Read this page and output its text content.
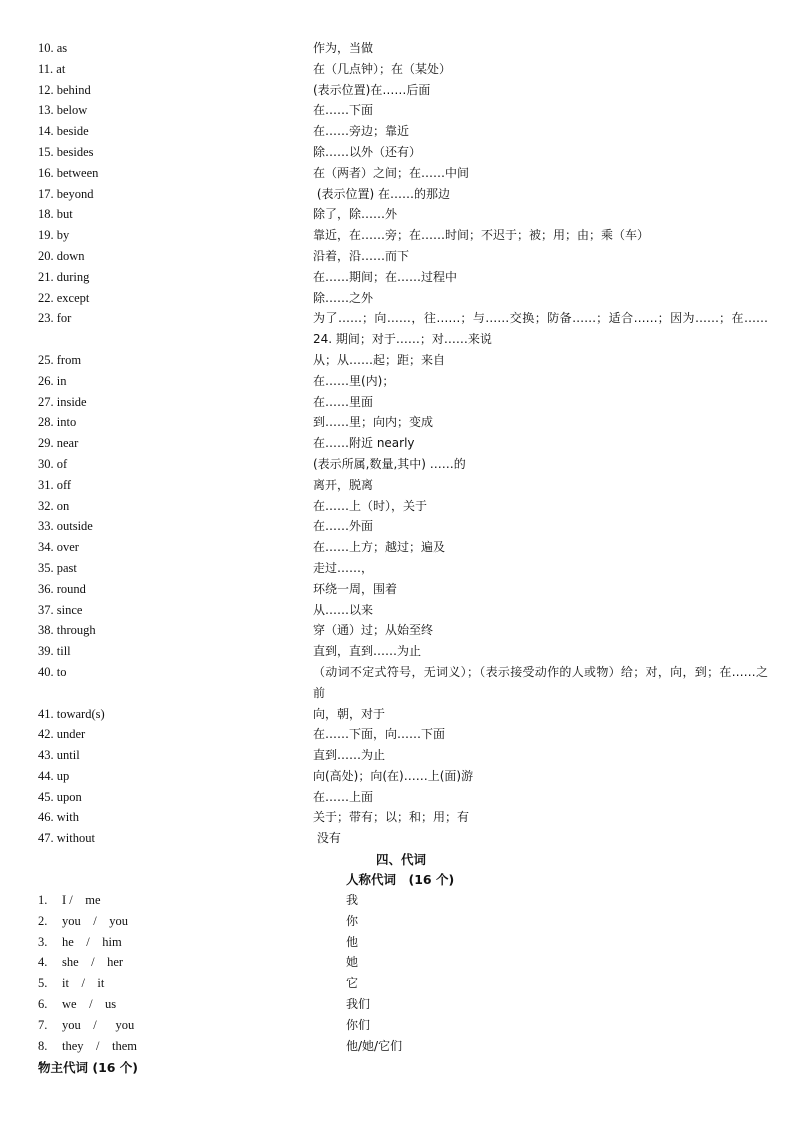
10. as	作为，当做
11. at	在（几点钟）；在（某处）
12. behind	(表示位置)在……后面
13. below	在……下面
14. beside	在……旁边；靠近
15. besides	除……以外（还有）
16. between	在（两者）之间；在……中间
17. beyond	(表示位置) 在……的那边
18. but	除了，除……外
19. by	靠近，在……旁；在……时间；不迟于；被；用；由；乘（车）
20. down	沿着，沿……而下
21. during	在……期间；在……过程中
22. except	除……之外
23. for	为了……；向……，往……；与……交换；防备……；适合……；因为……；在……24. 期间；对于……；对……来说
25. from	从；从……起；距；来自
26. in	在……里(内)；
27. inside	在……里面
28. into	到……里；向内；变成
29. near	在……附近 nearly
30. of	(表示所属,数量,其中) ……的
31. off	离开，脱离
32. on	在……上（时），关于
33. outside	在……外面
34. over	在……上方；越过；遍及
35. past	走过……，
36. round	环绕一周，围着
37. since	从……以来
38. through	穿（通）过；从始至终
39. till	直到，直到……为止
40. to	（动词不定式符号，无词义）；（表示接受动作的人或物）给；对，向，到；在……之前
41. toward(s)	向，朝，对于
42. under	在……下面，向……下面
43. until	直到……为止
44. up	向(高处)；向(在)……上(面)游
45. upon	在……上面
46. with	关于；带有；以；和；用；有
47. without	没有
四、代词
人称代词　(16 个)
1. I /    me	我
2. you    /    you	你
3. he    /    him	他
4. she    /    her	她
5. it    /    it	它
6. we    /    us	我们
7. you    /      you	你们
8. they    /    them	他/她/它们
物主代词 (16 个)
